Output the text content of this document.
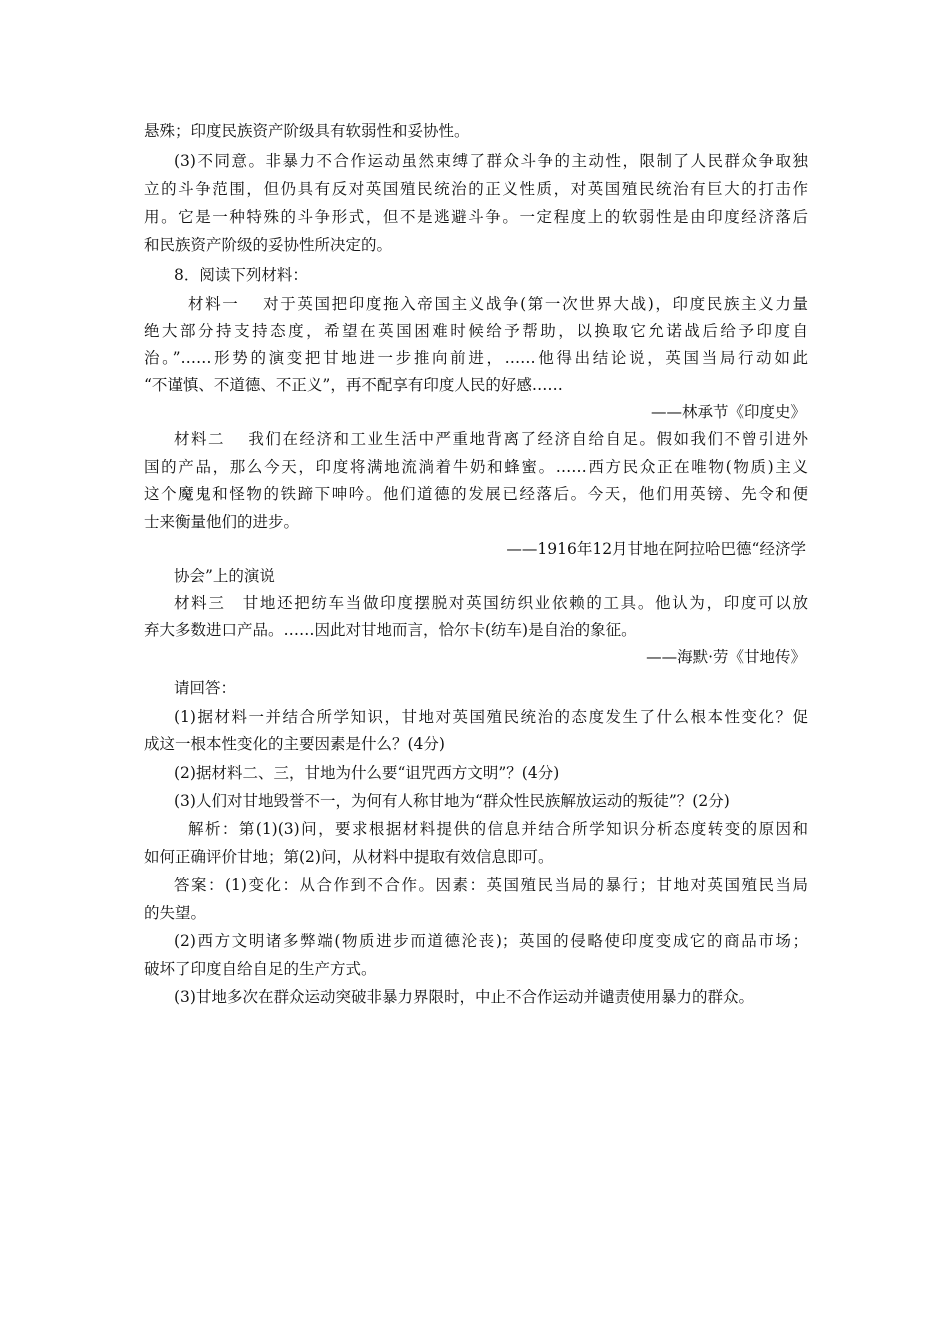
悬殊；印度民族资产阶级具有软弱性和妥协性。
(3)不同意。非暴力不合作运动虽然束缚了群众斗争的主动性，限制了人民群众争取独
立的斗争范围，但仍具有反对英国殖民统治的正义性质，对英国殖民统治有巨大的打击作
用。它是一种特殊的斗争形式，但不是逃避斗争。一定程度上的软弱性是由印度经济落后
和民族资产阶级的妥协性所决定的。
8．阅读下列材料：
材料一　 对于英国把印度拖入帝国主义战争(第一次世界大战)，印度民族主义力量
绝大部分持支持态度，希望在英国困难时候给予帮助，以换取它允诺战后给予印度自
治。”……形势的演变把甘地进一步推向前进，……他得出结论说，英国当局行动如此
“不谨慎、不道德、不正义”，再不配享有印度人民的好感……
——林承节《印度史》
材料二　 我们在经济和工业生活中严重地背离了经济自给自足。假如我们不曾引进外
国的产品，那么今天，印度将满地流淌着牛奶和蜂蜜。……西方民众正在唯物(物质)主义
这个魔鬼和怪物的铁蹄下呻吟。他们道德的发展已经落后。今天，他们用英镑、先令和便
士来衡量他们的进步。
——1916年12月甘地在阿拉哈巴德“经济学
协会”上的演说
材料三　甘地还把纺车当做印度摆脱对英国纺织业依赖的工具。他认为，印度可以放
弃大多数进口产品。……因此对甘地而言，恰尔卡(纺车)是自治的象征。
——海默·劳《甘地传》
请回答：
(1)据材料一并结合所学知识，甘地对英国殖民统治的态度发生了什么根本性变化？促
成这一根本性变化的主要因素是什么？(4分)
(2)据材料二、三，甘地为什么要“诅咒西方文明”？(4分)
(3)人们对甘地毁誉不一，为何有人称甘地为“群众性民族解放运动的叛徒”？(2分)
解析：第(1)(3)问，要求根据材料提供的信息并结合所学知识分析态度转变的原因和
如何正确评价甘地；第(2)问，从材料中提取有效信息即可。
答案：(1)变化：从合作到不合作。因素：英国殖民当局的暴行；甘地对英国殖民当局
的失望。
(2)西方文明诸多弊端(物质进步而道德沦丧)；英国的侵略使印度变成它的商品市场；
破坏了印度自给自足的生产方式。
(3)甘地多次在群众运动突破非暴力界限时，中止不合作运动并谴责使用暴力的群众。
